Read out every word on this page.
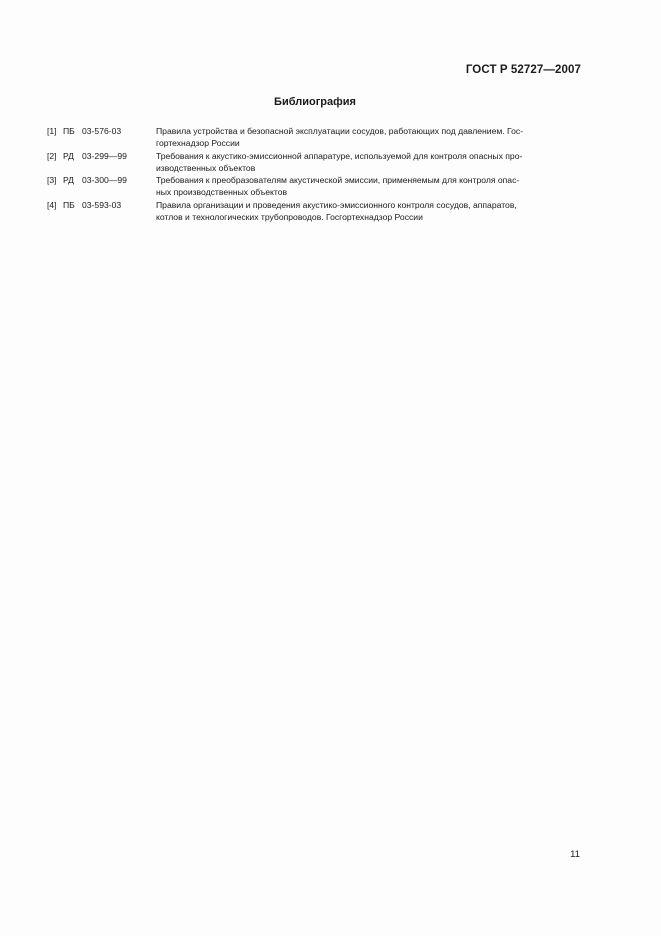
ГОСТ Р 52727—2007
Библиография
[1] ПБ 03-576-03	Правила устройства и безопасной эксплуатации сосудов, работающих под давлением. Гос-
гортехнадзор России
[2] РД 03-299—99	Требования к акустико-эмиссионной аппаратуре, используемой для контроля опасных про-
изводственных объектов
[3] РД 03-300—99	Требования к преобразователям акустической эмиссии, применяемым для контроля опас-
ных производственных объектов
[4] ПБ 03-593-03	Правила организации и проведения акустико-эмиссионного контроля сосудов, аппаратов,
котлов и технологических трубопроводов. Госгортехнадзор России
11
